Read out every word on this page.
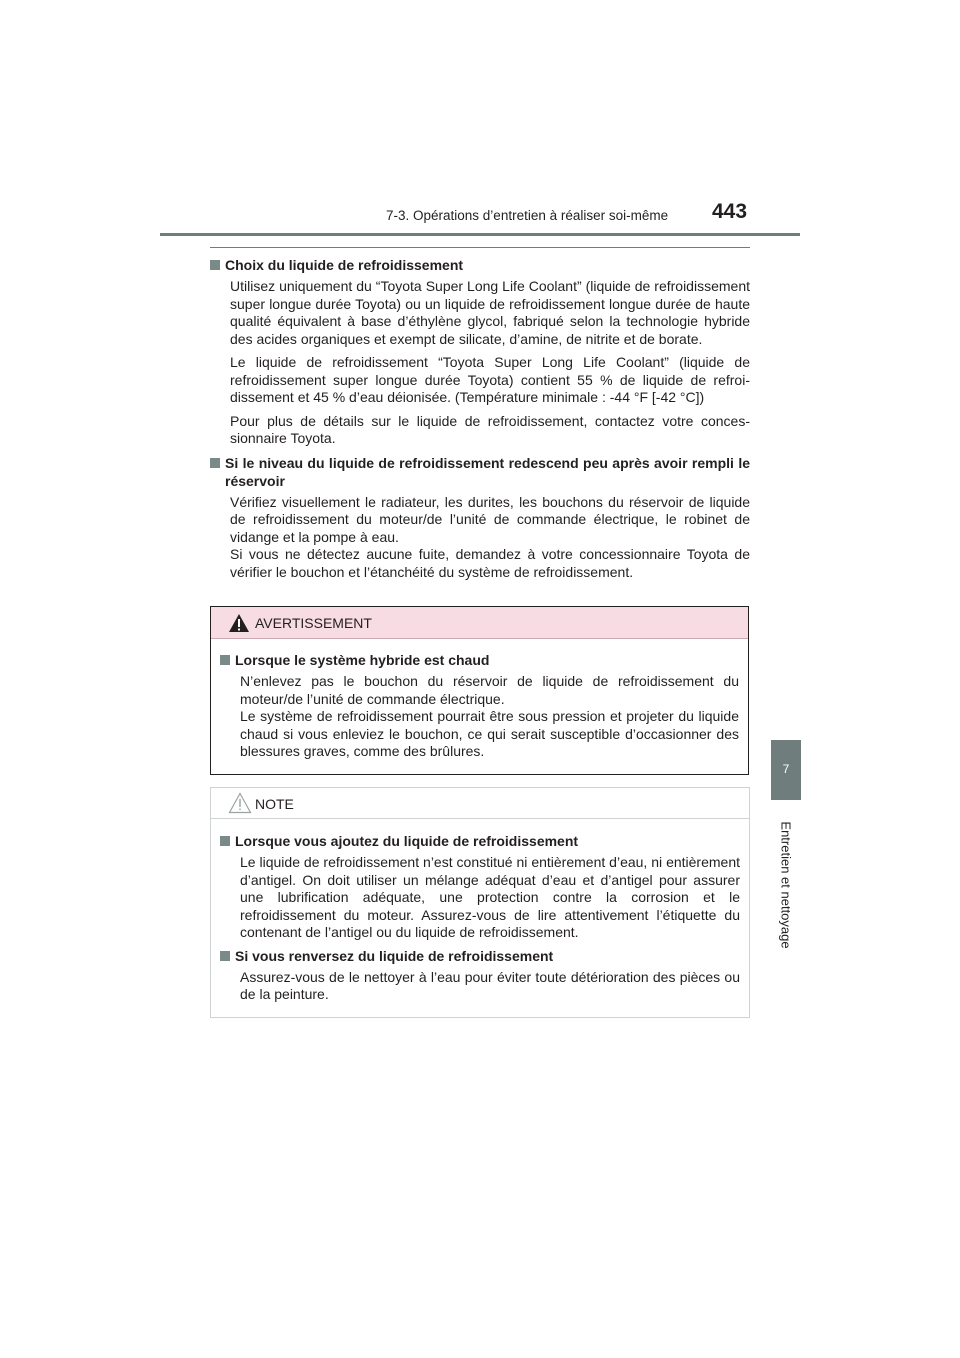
7-3. Opérations d’entretien à réaliser soi-même 443
7
Entretien et nettoyage
Choix du liquide de refroidissement

Utilisez uniquement du “Toyota Super Long Life Coolant” (liquide de refroidissement super longue durée Toyota) ou un liquide de refroidissement longue durée de haute qualité équivalent à base d’éthylène glycol, fabriqué selon la technologie hybride des acides organiques et exempt de silicate, d’amine, de nitrite et de borate.

Le liquide de refroidissement “Toyota Super Long Life Coolant” (liquide de refroidissement super longue durée Toyota) contient 55 % de liquide de refroidissement et 45 % d’eau déionisée. (Température minimale : -44 °F [-42 °C])

Pour plus de détails sur le liquide de refroidissement, contactez votre concessionnaire Toyota.

Si le niveau du liquide de refroidissement redescend peu après avoir rempli le réservoir

Vérifiez visuellement le radiateur, les durites, les bouchons du réservoir de liquide de refroidissement du moteur/de l’unité de commande électrique, le robinet de vidange et la pompe à eau.
Si vous ne détectez aucune fuite, demandez à votre concessionnaire Toyota de vérifier le bouchon et l’étanchéité du système de refroidissement.

AVERTISSEMENT
Lorsque le système hybride est chaud

N’enlevez pas le bouchon du réservoir de liquide de refroidissement du moteur/de l’unité de commande électrique.
Le système de refroidissement pourrait être sous pression et projeter du liquide chaud si vous enleviez le bouchon, ce qui serait susceptible d’occasionner des blessures graves, comme des brûlures.

NOTE
Lorsque vous ajoutez du liquide de refroidissement

Le liquide de refroidissement n’est constitué ni entièrement d’eau, ni entièrement d’antigel. On doit utiliser un mélange adéquat d’eau et d’antigel pour assurer une lubrification adéquate, une protection contre la corrosion et le refroidissement du moteur. Assurez-vous de lire attentivement l’étiquette du contenant de l’antigel ou du liquide de refroidissement.

Si vous renversez du liquide de refroidissement

Assurez-vous de le nettoyer à l’eau pour éviter toute détérioration des pièces ou de la peinture.
